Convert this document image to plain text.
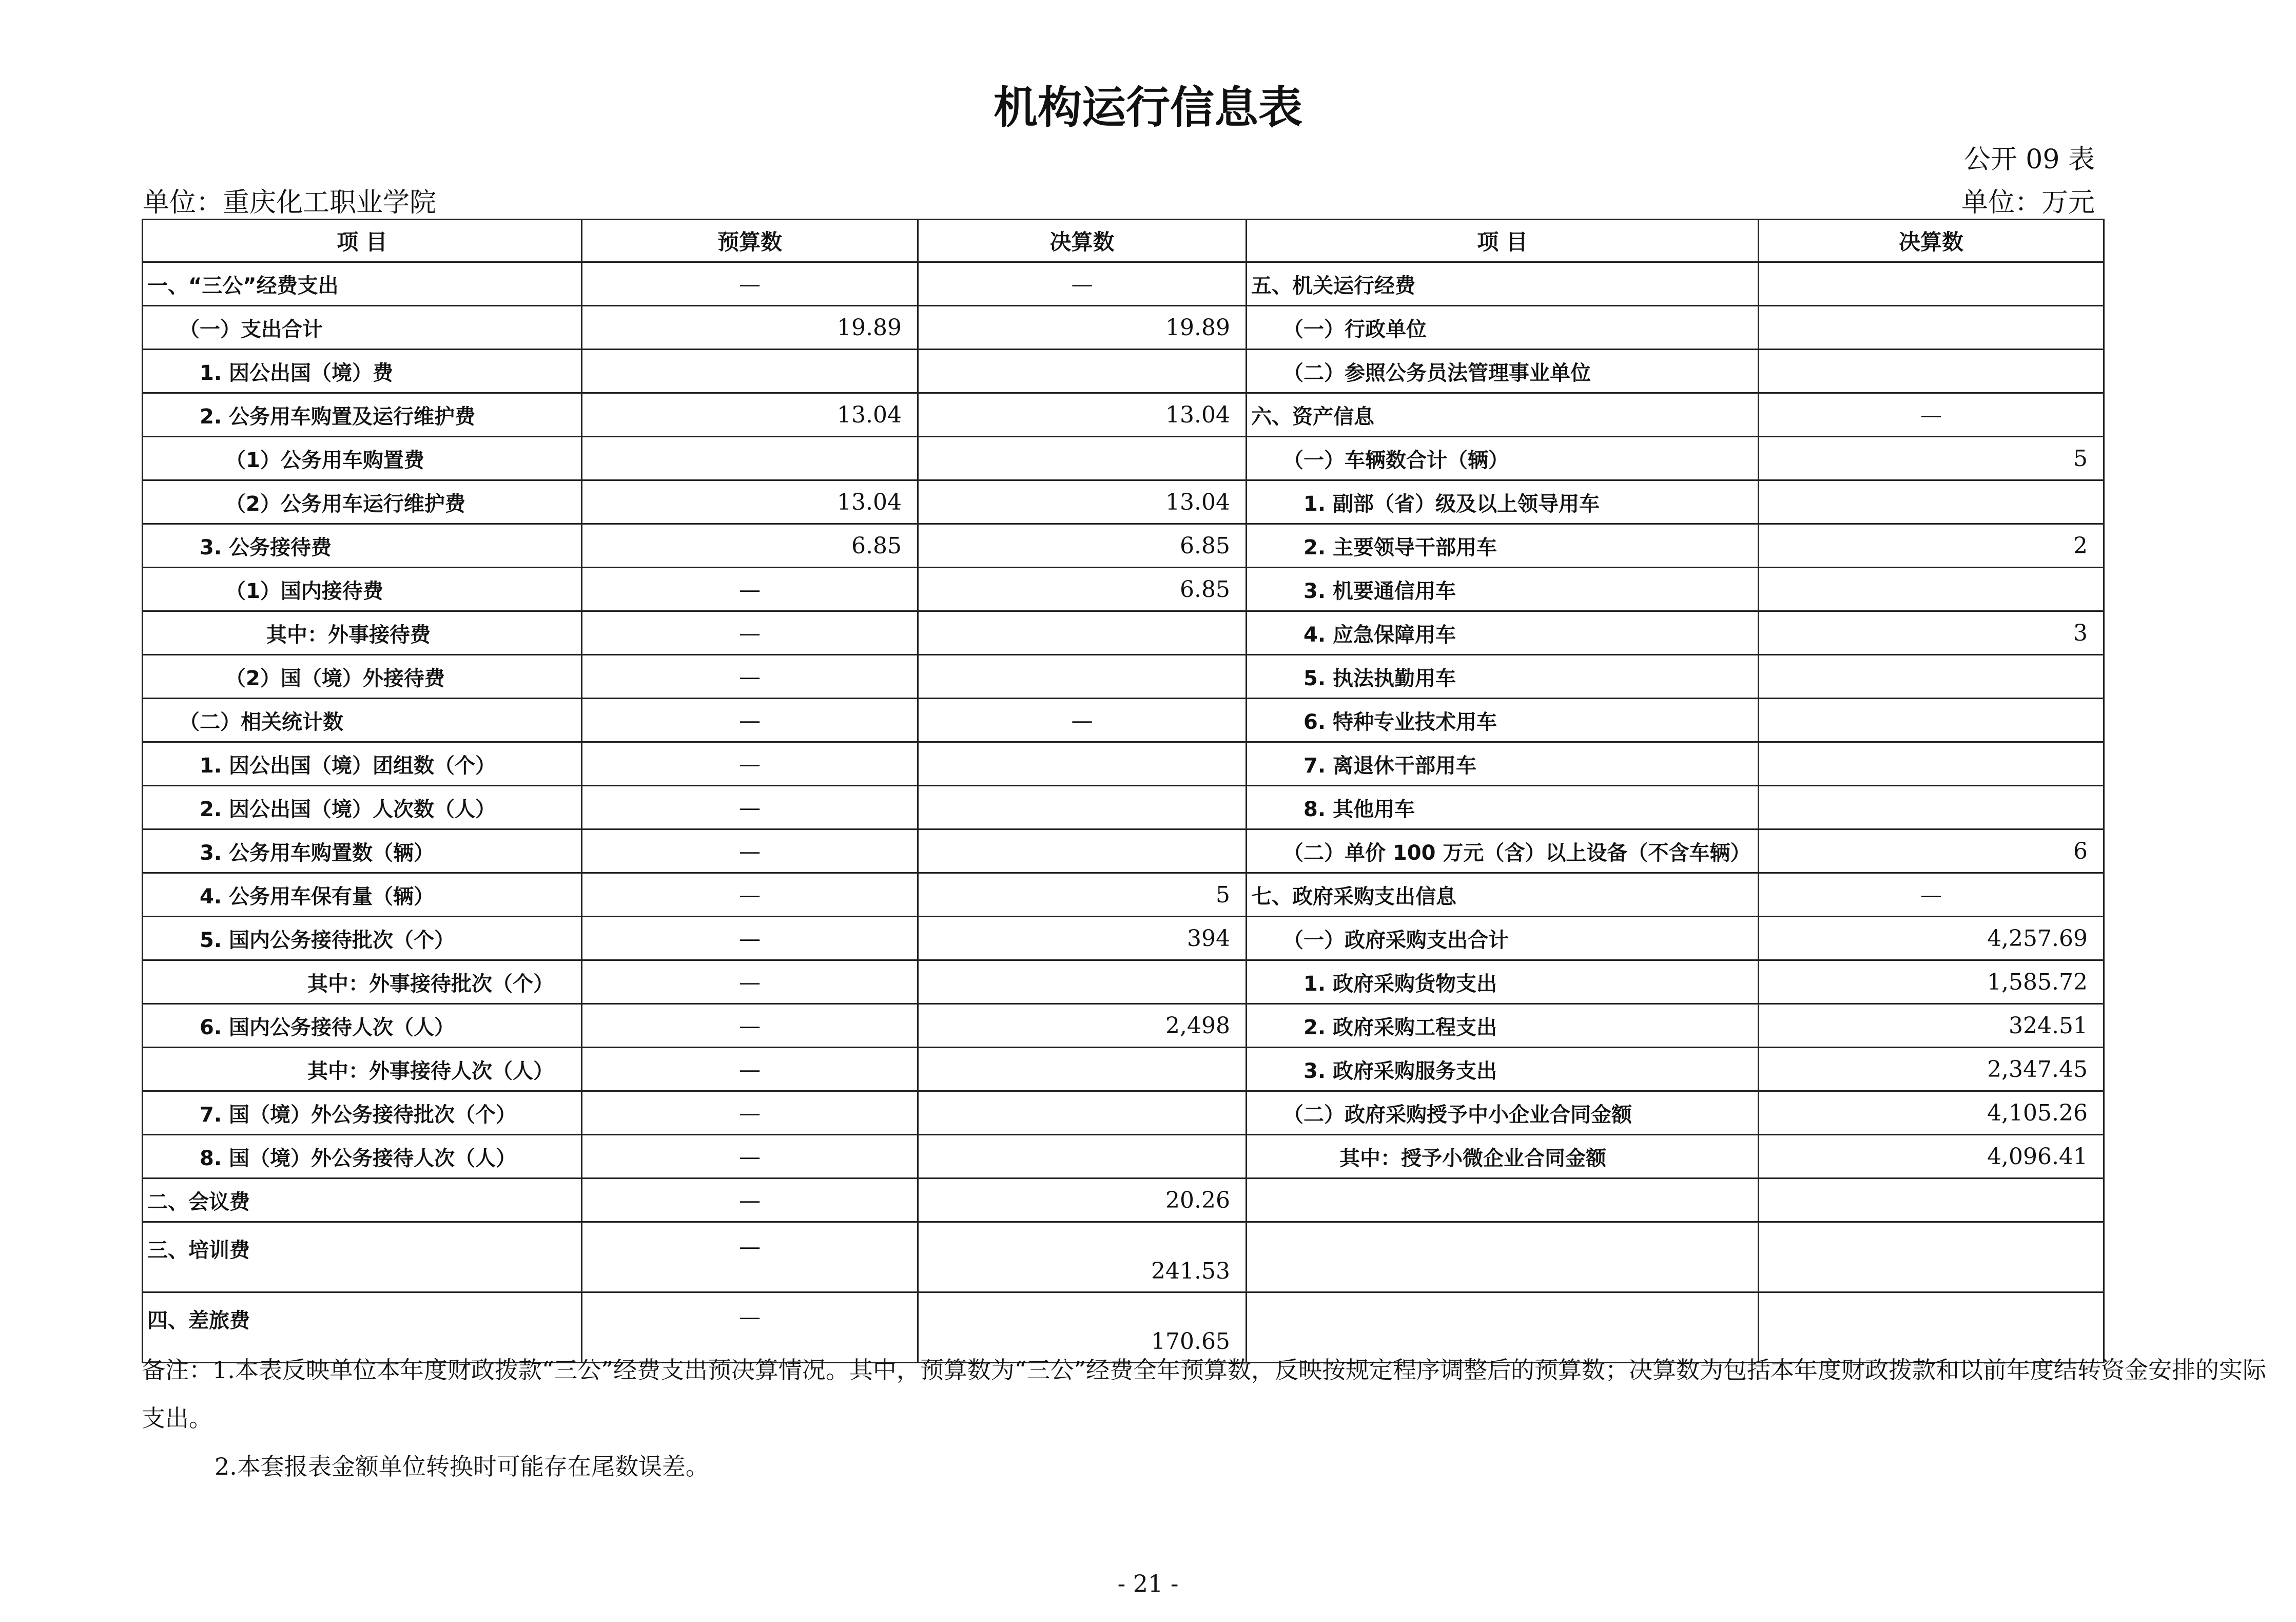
机构运行信息表
公开 09 表
单位：重庆化工职业学院	单位：万元
项 目	预算数	决算数	项 目	决算数
一、“三公”经费支出	—	—	五、机关运行经费	
（一）支出合计	19.89	19.89	（一）行政单位	
1. 因公出国（境）费			（二）参照公务员法管理事业单位	
2. 公务用车购置及运行维护费	13.04	13.04	六、资产信息	—
（1）公务用车购置费			（一）车辆数合计（辆）	5
（2）公务用车运行维护费	13.04	13.04	1. 副部（省）级及以上领导用车	
3. 公务接待费	6.85	6.85	2. 主要领导干部用车	2
（1）国内接待费	—	6.85	3. 机要通信用车	
其中：外事接待费	—		4. 应急保障用车	3
（2）国（境）外接待费	—		5. 执法执勤用车	
（二）相关统计数	—	—	6. 特种专业技术用车	
1. 因公出国（境）团组数（个）	—		7. 离退休干部用车	
2. 因公出国（境）人次数（人）	—		8. 其他用车	
3. 公务用车购置数（辆）	—		（二）单价 100 万元（含）以上设备（不含车辆）	6
4. 公务用车保有量（辆）	—	5	七、政府采购支出信息	—
5. 国内公务接待批次（个）	—	394	（一）政府采购支出合计	4,257.69
其中：外事接待批次（个）	—		1. 政府采购货物支出	1,585.72
6. 国内公务接待人次（人）	—	2,498	2. 政府采购工程支出	324.51
其中：外事接待人次（人）	—		3. 政府采购服务支出	2,347.45
7. 国（境）外公务接待批次（个）	—		（二）政府采购授予中小企业合同金额	4,105.26
8. 国（境）外公务接待人次（人）	—		其中：授予小微企业合同金额	4,096.41
二、会议费	—	20.26		
三、培训费	—	241.53		
四、差旅费	—	170.65		
备注：1.本表反映单位本年度财政拨款“三公”经费支出预决算情况。其中，预算数为“三公”经费全年预算数，反映按规定程序调整后的预算数；决算数为包括本年度财政拨款和以前年度结转资金安排的实际支出。
2.本套报表金额单位转换时可能存在尾数误差。
- 21 -
